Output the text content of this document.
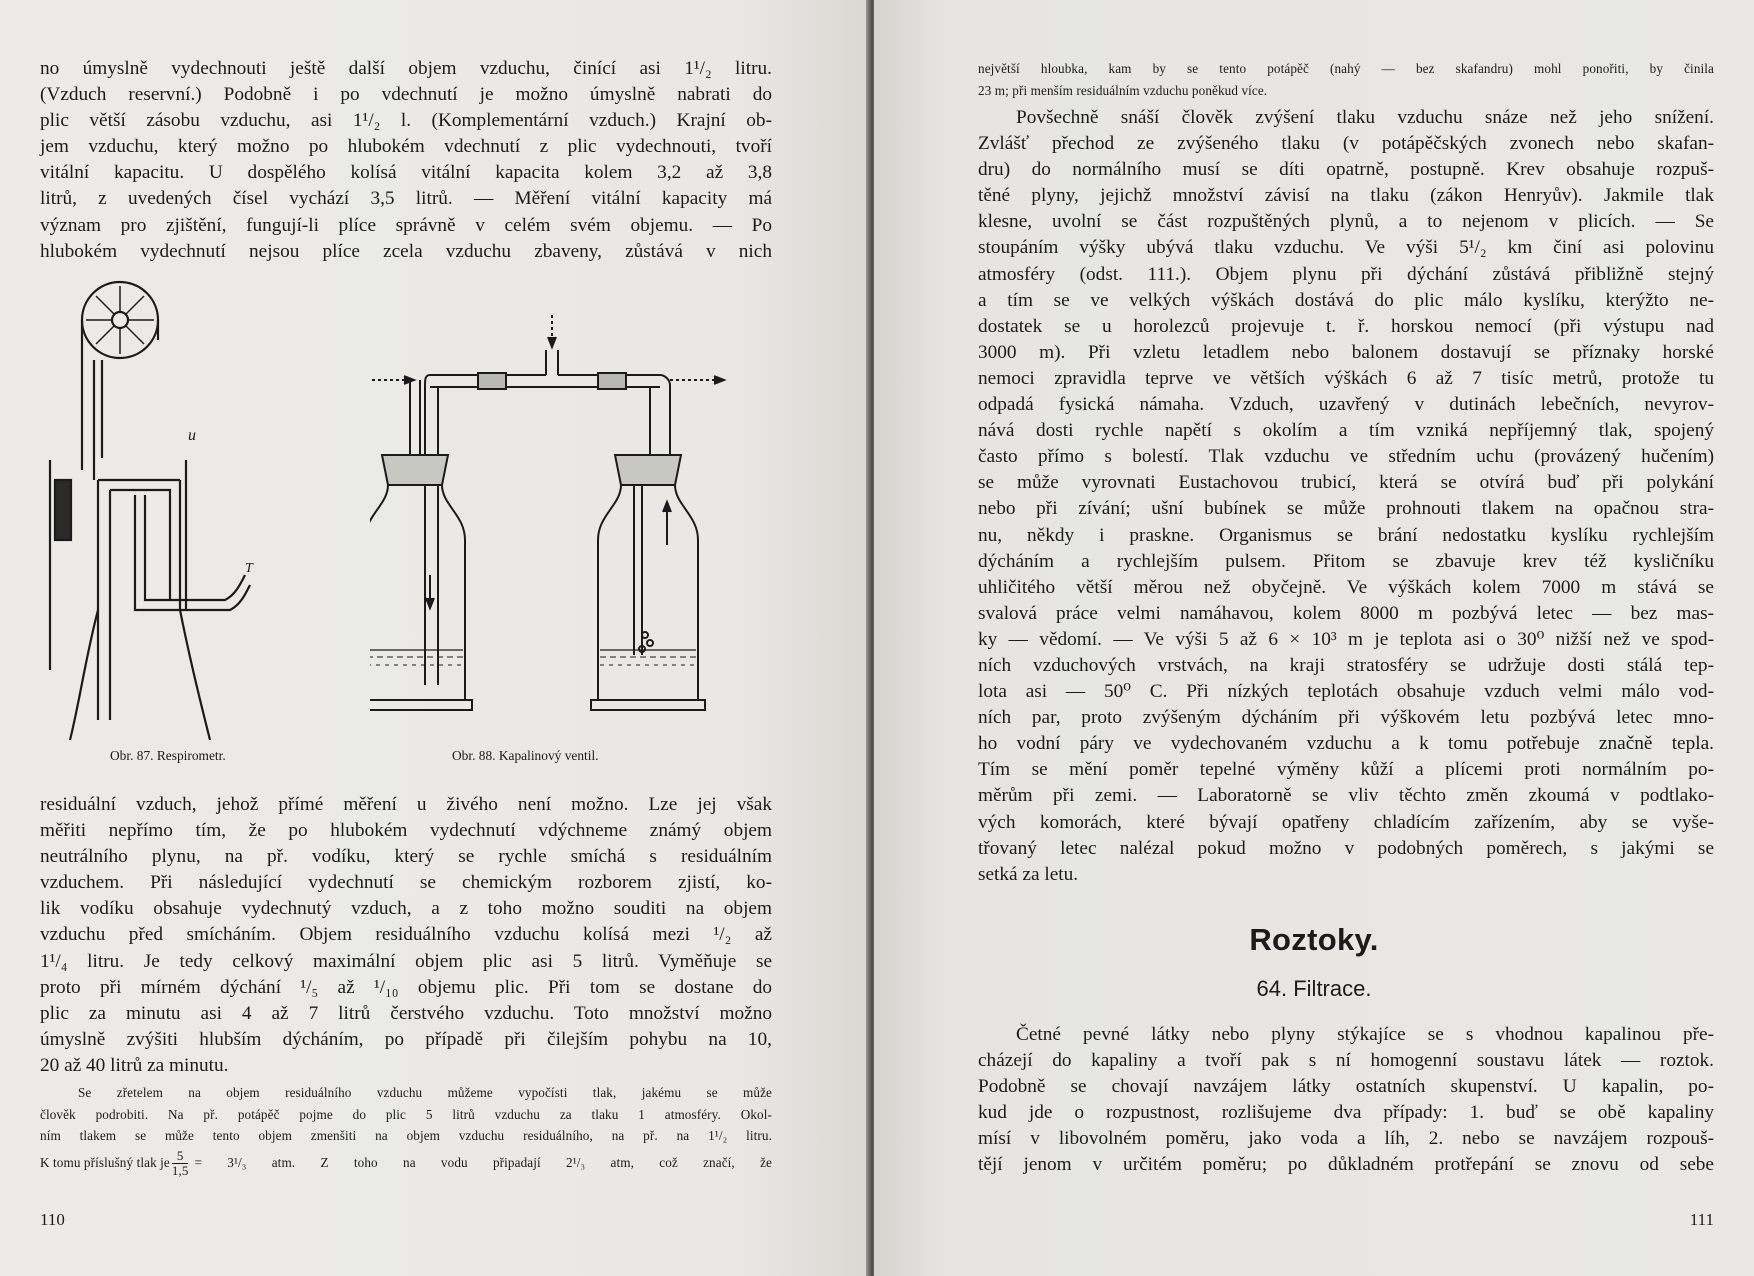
no úmyslně vydechnouti ještě další objem vzduchu, činící asi 1¹/₂ litru.
(Vzduch reservní.) Podobně i po vdechnutí je možno úmyslně nabrati do
plic větší zásobu vzduchu, asi 1¹/₂ l. (Komplementární vzduch.) Krajní ob-
jem vzduchu, který možno po hlubokém vdechnutí z plic vydechnouti, tvoří
vitální kapacitu. U dospělého kolísá vitální kapacita kolem 3,2 až 3,8
litrů, z uvedených čísel vychází 3,5 litrů. — Měření vitální kapacity má
význam pro zjištění, fungují-li plíce správně v celém svém objemu. — Po
hlubokém vydechnutí nejsou plíce zcela vzduchu zbaveny, zůstává v nich
u
T
Obr. 87. Respirometr.	Obr. 88. Kapalinový ventil.
residuální vzduch, jehož přímé měření u živého není možno. Lze jej však
měřiti nepřímo tím, že po hlubokém vydechnutí vdýchneme známý objem
neutrálního plynu, na př. vodíku, který se rychle smíchá s residuálním
vzduchem. Při následující vydechnutí se chemickým rozborem zjistí, ko-
lik vodíku obsahuje vydechnutý vzduch, a z toho možno souditi na objem
vzduchu před smícháním. Objem residuálního vzduchu kolísá mezi ¹/₂ až
1¹/₄ litru. Je tedy celkový maximální objem plic asi 5 litrů. Vyměňuje se
proto při mírném dýchání ¹/₅ až ¹/₁₀ objemu plic. Při tom se dostane do
plic za minutu asi 4 až 7 litrů čerstvého vzduchu. Toto množství možno
úmyslně zvýšiti hlubším dýcháním, po případě při čilejším pohybu na 10,
20 až 40 litrů za minutu.
Se zřetelem na objem residuálního vzduchu můžeme vypočísti tlak, jakému se může
člověk podrobiti. Na př. potápěč pojme do plic 5 litrů vzduchu za tlaku 1 atmosféry. Okol-
ním tlakem se může tento objem zmenšiti na objem vzduchu residuálního, na př. na 1¹/₂ litru.
K tomu příslušný tlak je $\frac{5}{1,5} = 3^1/_3$ atm. Z toho na vodu připadají 2¹/₃ atm, což značí, že
110
největší hloubka, kam by se tento potápěč (nahý — bez skafandru) mohl ponořiti, by činila
23 m; při menším residuálním vzduchu poněkud více.
Povšechně snáší člověk zvýšení tlaku vzduchu snáze než jeho snížení.
Zvlášť přechod ze zvýšeného tlaku (v potápěčských zvonech nebo skafan-
dru) do normálního musí se díti opatrně, postupně. Krev obsahuje rozpuš-
těné plyny, jejichž množství závisí na tlaku (zákon Henryův). Jakmile tlak
klesne, uvolní se část rozpuštěných plynů, a to nejenom v plicích. — Se
stoupáním výšky ubývá tlaku vzduchu. Ve výši 5¹/₂ km činí asi polovinu
atmosféry (odst. 111.). Objem plynu při dýchání zůstává přibližně stejný
a tím se ve velkých výškách dostává do plic málo kyslíku, kterýžto ne-
dostatek se u horolezců projevuje t. ř. horskou nemocí (při výstupu nad
3000 m). Při vzletu letadlem nebo balonem dostavují se příznaky horské
nemoci zpravidla teprve ve větších výškách 6 až 7 tisíc metrů, protože tu
odpadá fysická námaha. Vzduch, uzavřený v dutinách lebečních, nevyrov-
nává dosti rychle napětí s okolím a tím vzniká nepříjemný tlak, spojený
často přímo s bolestí. Tlak vzduchu ve středním uchu (provázený hučením)
se může vyrovnati Eustachovou trubicí, která se otvírá buď při polykání
nebo při zívání; ušní bubínek se může prohnouti tlakem na opačnou stra-
nu, někdy i praskne. Organismus se brání nedostatku kyslíku rychlejším
dýcháním a rychlejším pulsem. Přitom se zbavuje krev též kysličníku
uhličitého větší měrou než obyčejně. Ve výškách kolem 7000 m stává se
svalová práce velmi namáhavou, kolem 8000 m pozbývá letec — bez mas-
ky — vědomí. — Ve výši 5 až 6 × 10³ m je teplota asi o 30⁰ nižší než ve spod-
ních vzduchových vrstvách, na kraji stratosféry se udržuje dosti stálá tep-
lota asi — 50⁰ C. Při nízkých teplotách obsahuje vzduch velmi málo vod-
ních par, proto zvýšeným dýcháním při výškovém letu pozbývá letec mno-
ho vodní páry ve vydechovaném vzduchu a k tomu potřebuje značně tepla.
Tím se mění poměr tepelné výměny kůží a plícemi proti normálním po-
měrům při zemi. — Laboratorně se vliv těchto změn zkoumá v podtlako-
vých komorách, které bývají opatřeny chladícím zařízením, aby se vyše-
třovaný letec nalézal pokud možno v podobných poměrech, s jakými se
setká za letu.
Roztoky.
64. Filtrace.
Četné pevné látky nebo plyny stýkajíce se s vhodnou kapalinou pře-
cházejí do kapaliny a tvoří pak s ní homogenní soustavu látek — roztok.
Podobně se chovají navzájem látky ostatních skupenství. U kapalin, po-
kud jde o rozpustnost, rozlišujeme dva případy: 1. buď se obě kapaliny
mísí v libovolném poměru, jako voda a líh, 2. nebo se navzájem rozpouš-
tějí jenom v určitém poměru; po důkladném protřepání se znovu od sebe
111
